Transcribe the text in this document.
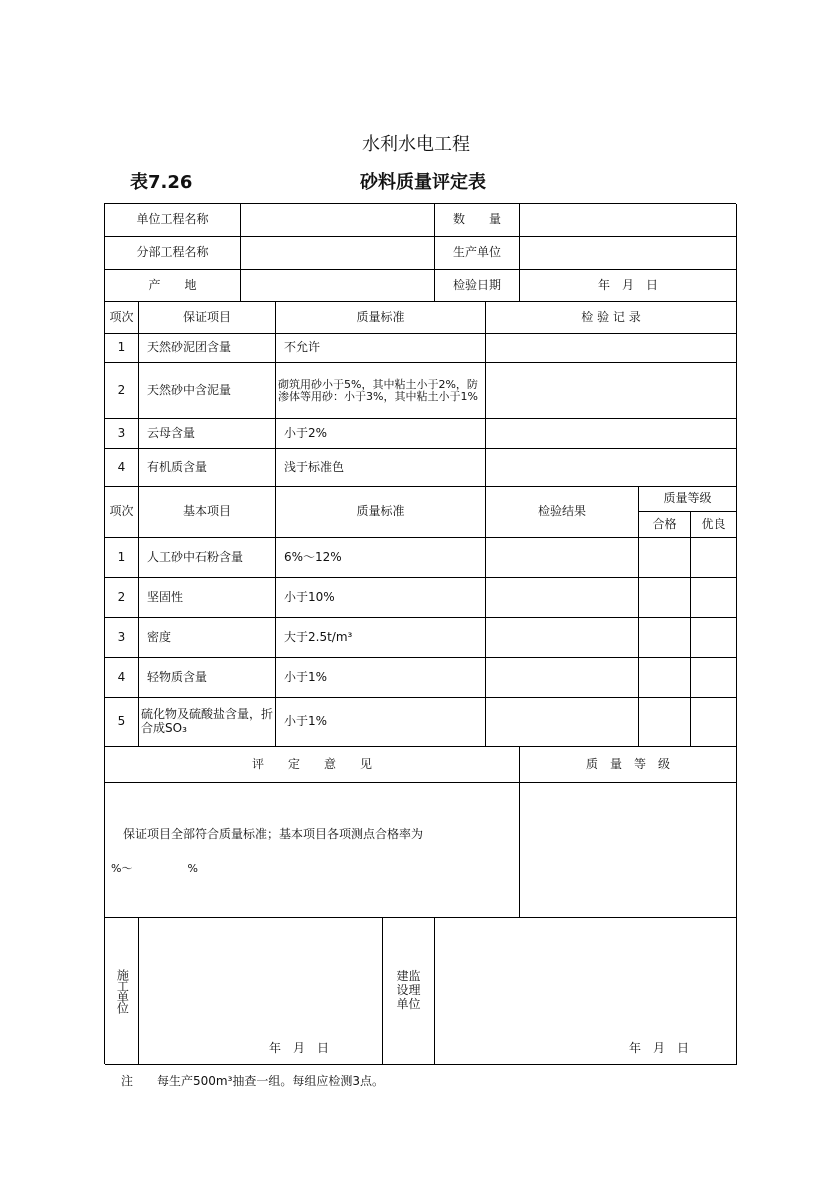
水利水电工程
表7.26	砂料质量评定表
单位工程名称	数　　量
分部工程名称	生产单位
产　　地	检验日期	年　月　日
项次	保证项目	质量标准	检 验 记 录
1	天然砂泥团含量	不允许
2	天然砂中含泥量	砌筑用砂小于5%，其中粘土小于2%，防渗体等用砂：小于3%，其中粘土小于1%
3	云母含量	小于2%
4	有机质含量	浅于标准色
项次	基本项目	质量标准	检验结果
质量等级
合格	优良
1	人工砂中石粉含量	6%～12%
2	坚固性	小于10%
3	密度	大于2.5t/m³
4	轻物质含量	小于1%
5	硫化物及硫酸盐含量，折合成SO₃	小于1%
评　　定　　意　　见	质　量　等　级
保证项目全部符合质量标准；基本项目各项测点合格率为
%～　　　　　%
施工单位
年　月　日
建监设理单位
年　月　日
注　　每生产500m³抽查一组。每组应检测3点。
